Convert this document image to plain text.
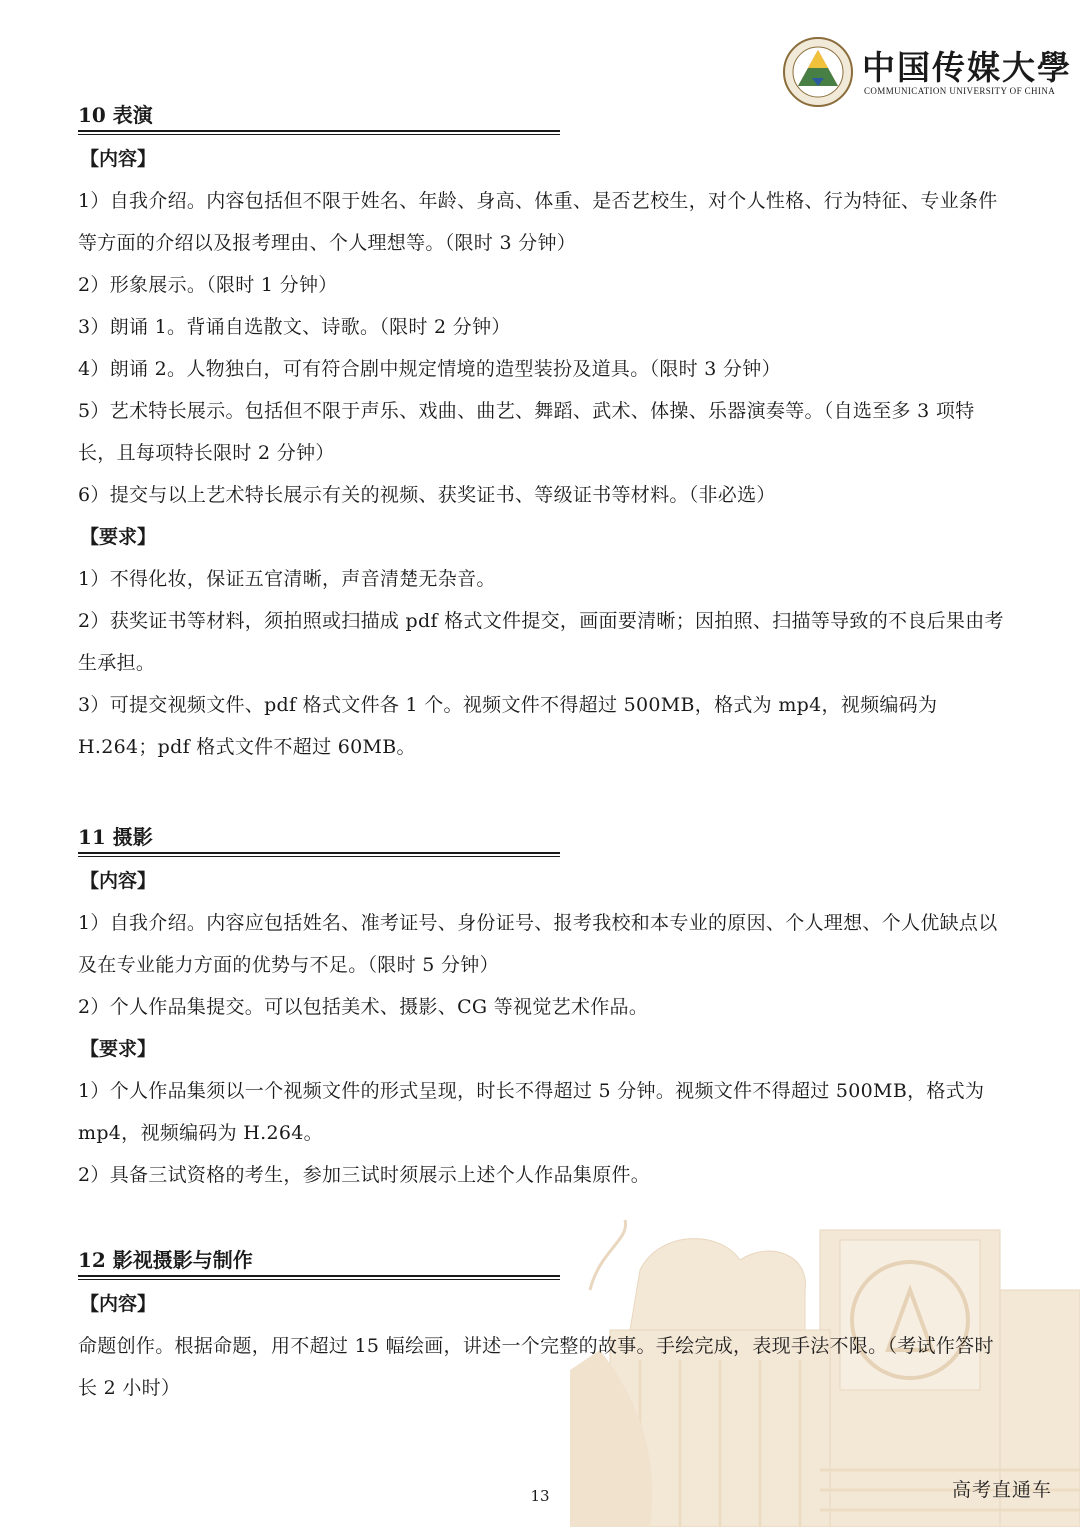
中国传媒大學
COMMUNICATION UNIVERSITY OF CHINA
10 表演
【内容】

1）自我介绍。内容包括但不限于姓名、年龄、身高、体重、是否艺校生，对个人性格、行为特征、专业条件等方面的介绍以及报考理由、个人理想等。（限时 3 分钟）

2）形象展示。（限时 1 分钟）

3）朗诵 1。背诵自选散文、诗歌。（限时 2 分钟）

4）朗诵 2。人物独白，可有符合剧中规定情境的造型装扮及道具。（限时 3 分钟）

5）艺术特长展示。包括但不限于声乐、戏曲、曲艺、舞蹈、武术、体操、乐器演奏等。（自选至多 3 项特长，且每项特长限时 2 分钟）

6）提交与以上艺术特长展示有关的视频、获奖证书、等级证书等材料。（非必选）

【要求】

1）不得化妆，保证五官清晰，声音清楚无杂音。

2）获奖证书等材料，须拍照或扫描成 pdf 格式文件提交，画面要清晰；因拍照、扫描等导致的不良后果由考生承担。

3）可提交视频文件、pdf 格式文件各 1 个。视频文件不得超过 500MB，格式为 mp4，视频编码为 H.264；pdf 格式文件不超过 60MB。

11 摄影
【内容】

1）自我介绍。内容应包括姓名、准考证号、身份证号、报考我校和本专业的原因、个人理想、个人优缺点以及在专业能力方面的优势与不足。（限时 5 分钟）

2）个人作品集提交。可以包括美术、摄影、CG 等视觉艺术作品。

【要求】

1）个人作品集须以一个视频文件的形式呈现，时长不得超过 5 分钟。视频文件不得超过 500MB，格式为 mp4，视频编码为 H.264。

2）具备三试资格的考生，参加三试时须展示上述个人作品集原件。

12 影视摄影与制作
【内容】

命题创作。根据命题，用不超过 15 幅绘画，讲述一个完整的故事。手绘完成，表现手法不限。（考试作答时长 2 小时）

13	高考直通车
